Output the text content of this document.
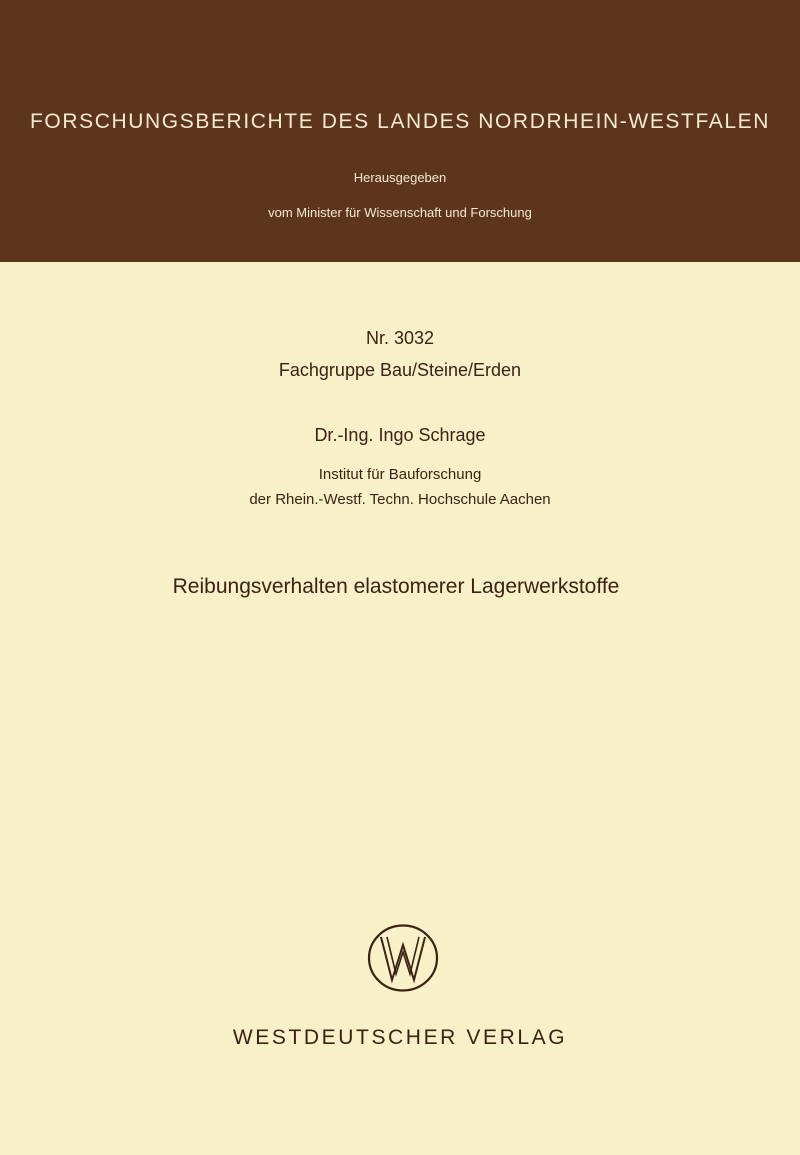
FORSCHUNGSBERICHTE DES LANDES NORDRHEIN-WESTFALEN
Herausgegeben
vom Minister für Wissenschaft und Forschung
Nr. 3032
Fachgruppe Bau/Steine/Erden
Dr.-Ing. Ingo Schrage
Institut für Bauforschung
der Rhein.-Westf. Techn. Hochschule Aachen
Reibungsverhalten elastomerer Lagerwerkstoffe
WESTDEUTSCHER VERLAG
